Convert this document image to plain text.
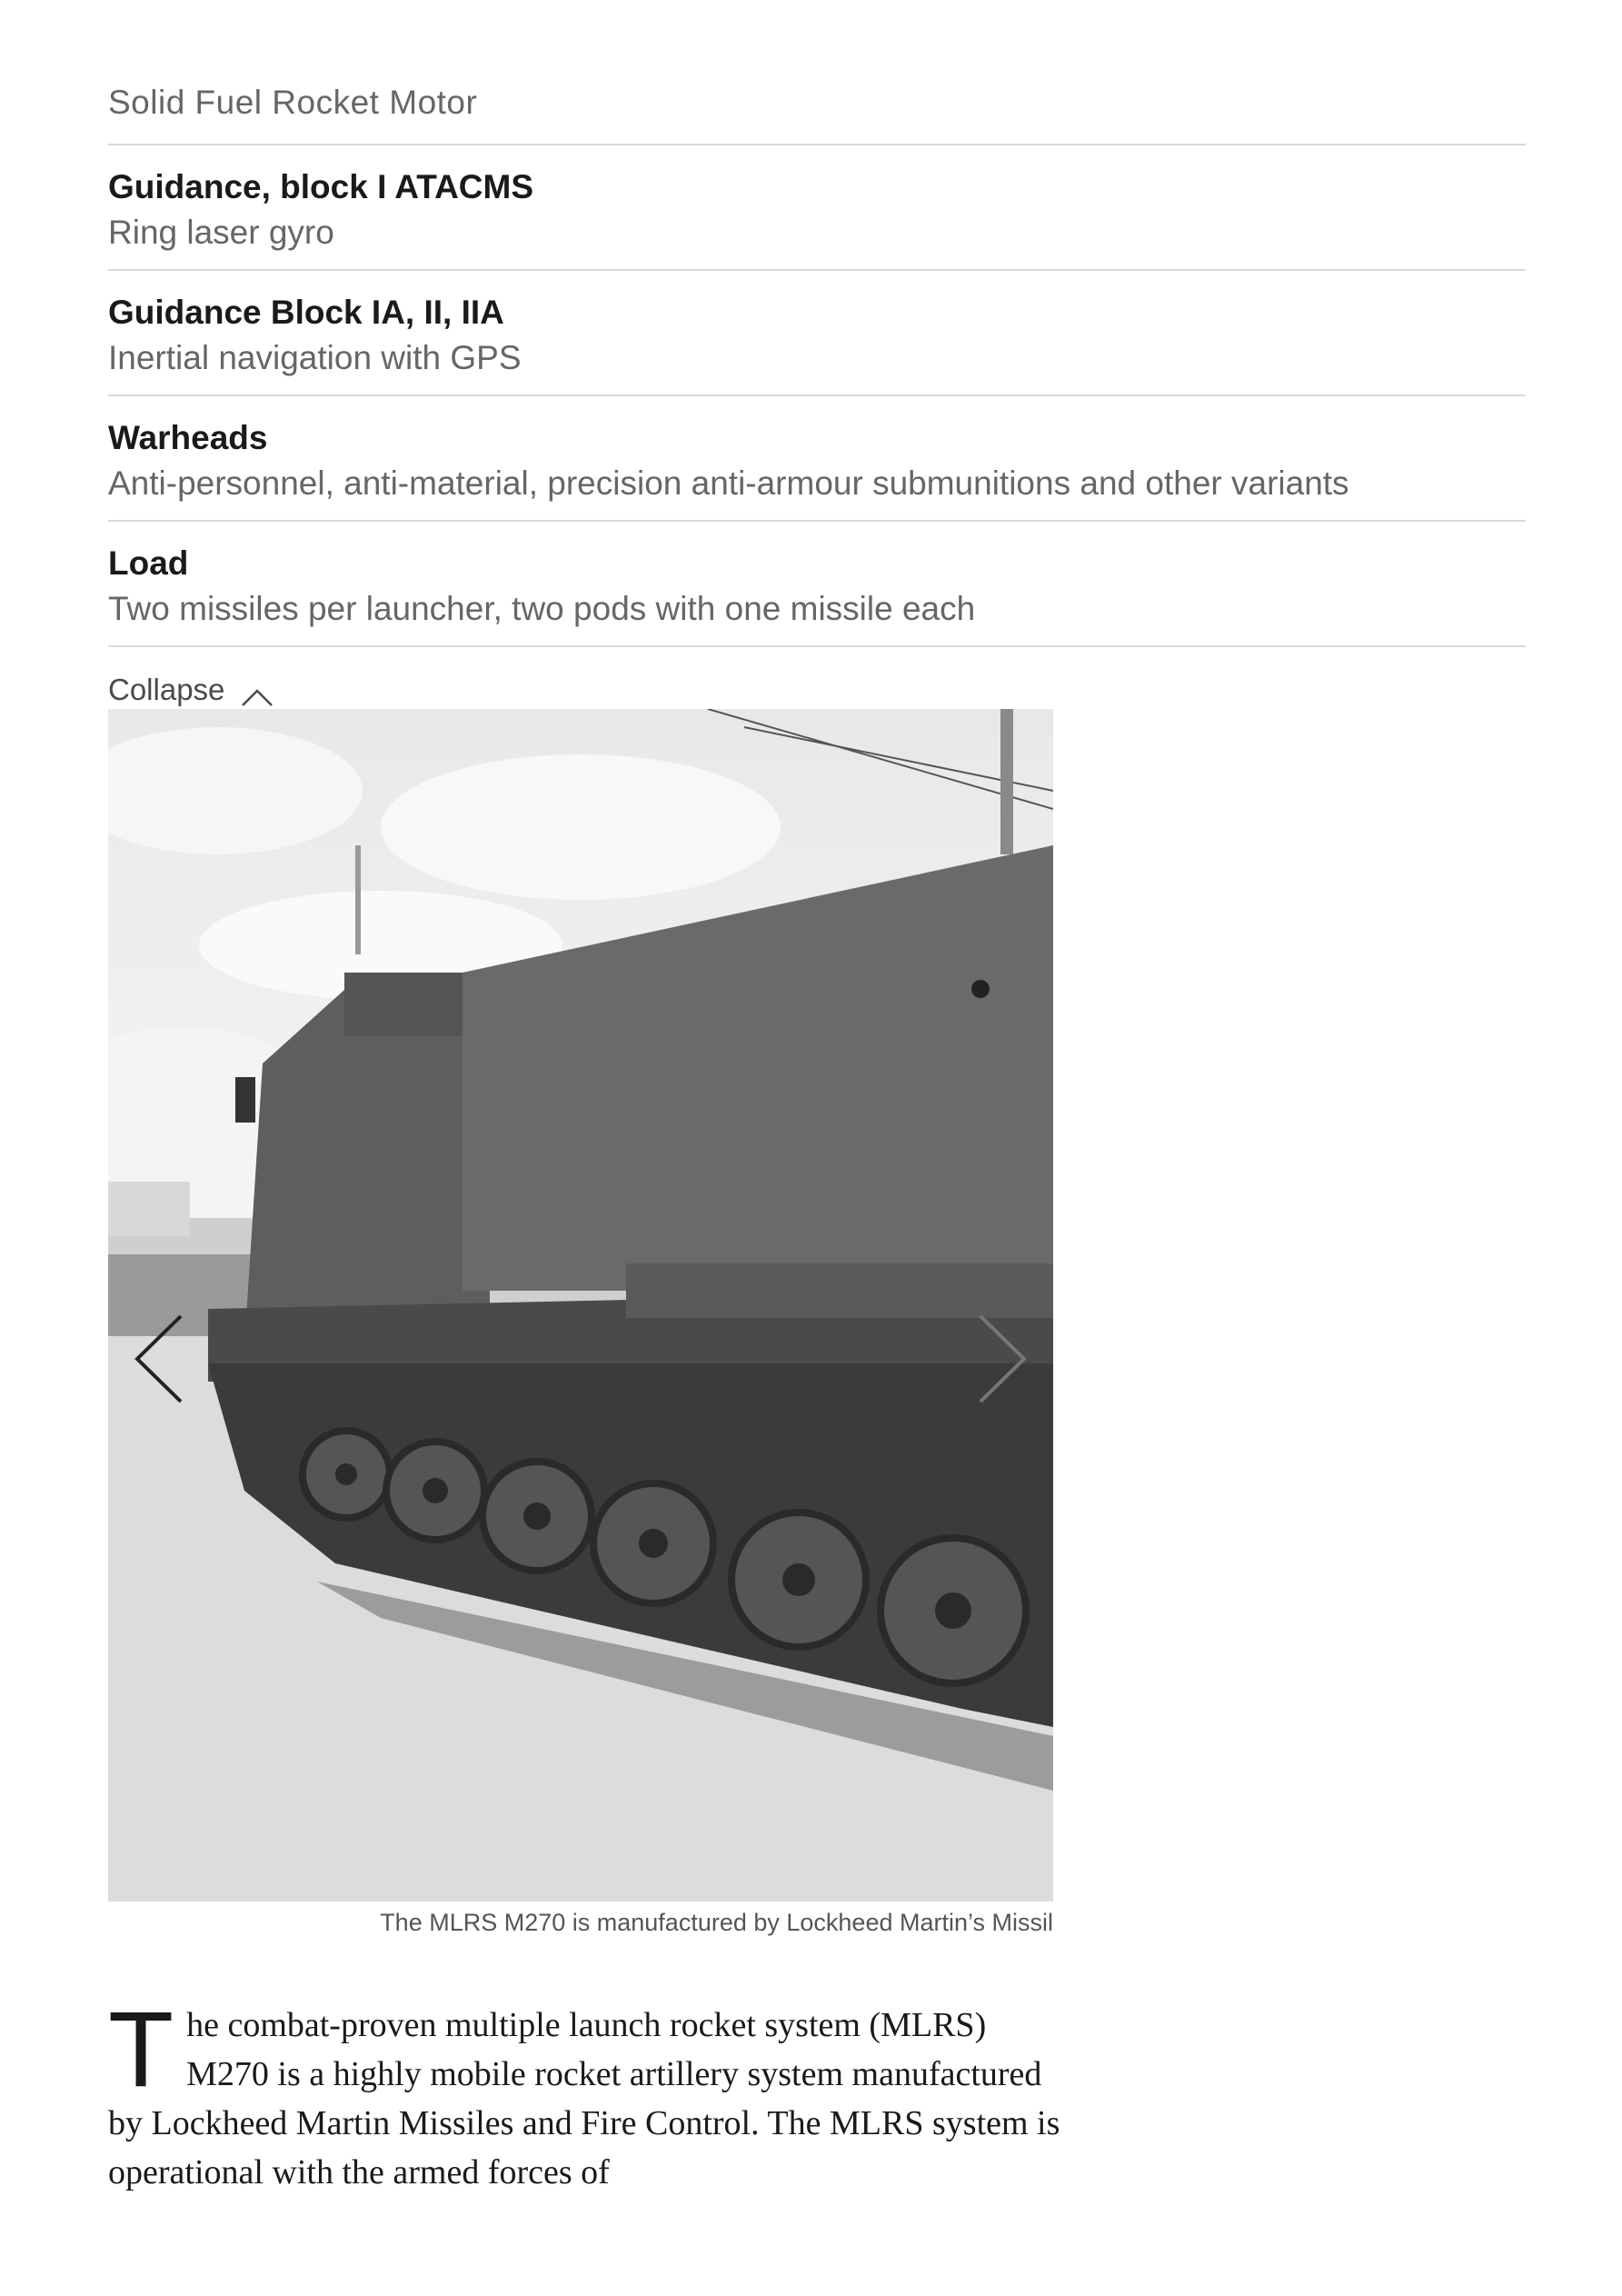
Solid Fuel Rocket Motor
Guidance, block I ATACMS
Ring laser gyro
Guidance Block IA, II, IIA
Inertial navigation with GPS
Warheads
Anti-personnel, anti-material, precision anti-armour submunitions and other variants
Load
Two missiles per launcher, two pods with one missile each
Collapse
The MLRS M270 is manufactured by Lockheed Martin’s Missil
T he combat-proven multiple launch rocket system (MLRS) M270 is a highly mobile rocket artillery system manufactured by Lockheed Martin Missiles and Fire Control. The MLRS system is operational with the armed forces of
